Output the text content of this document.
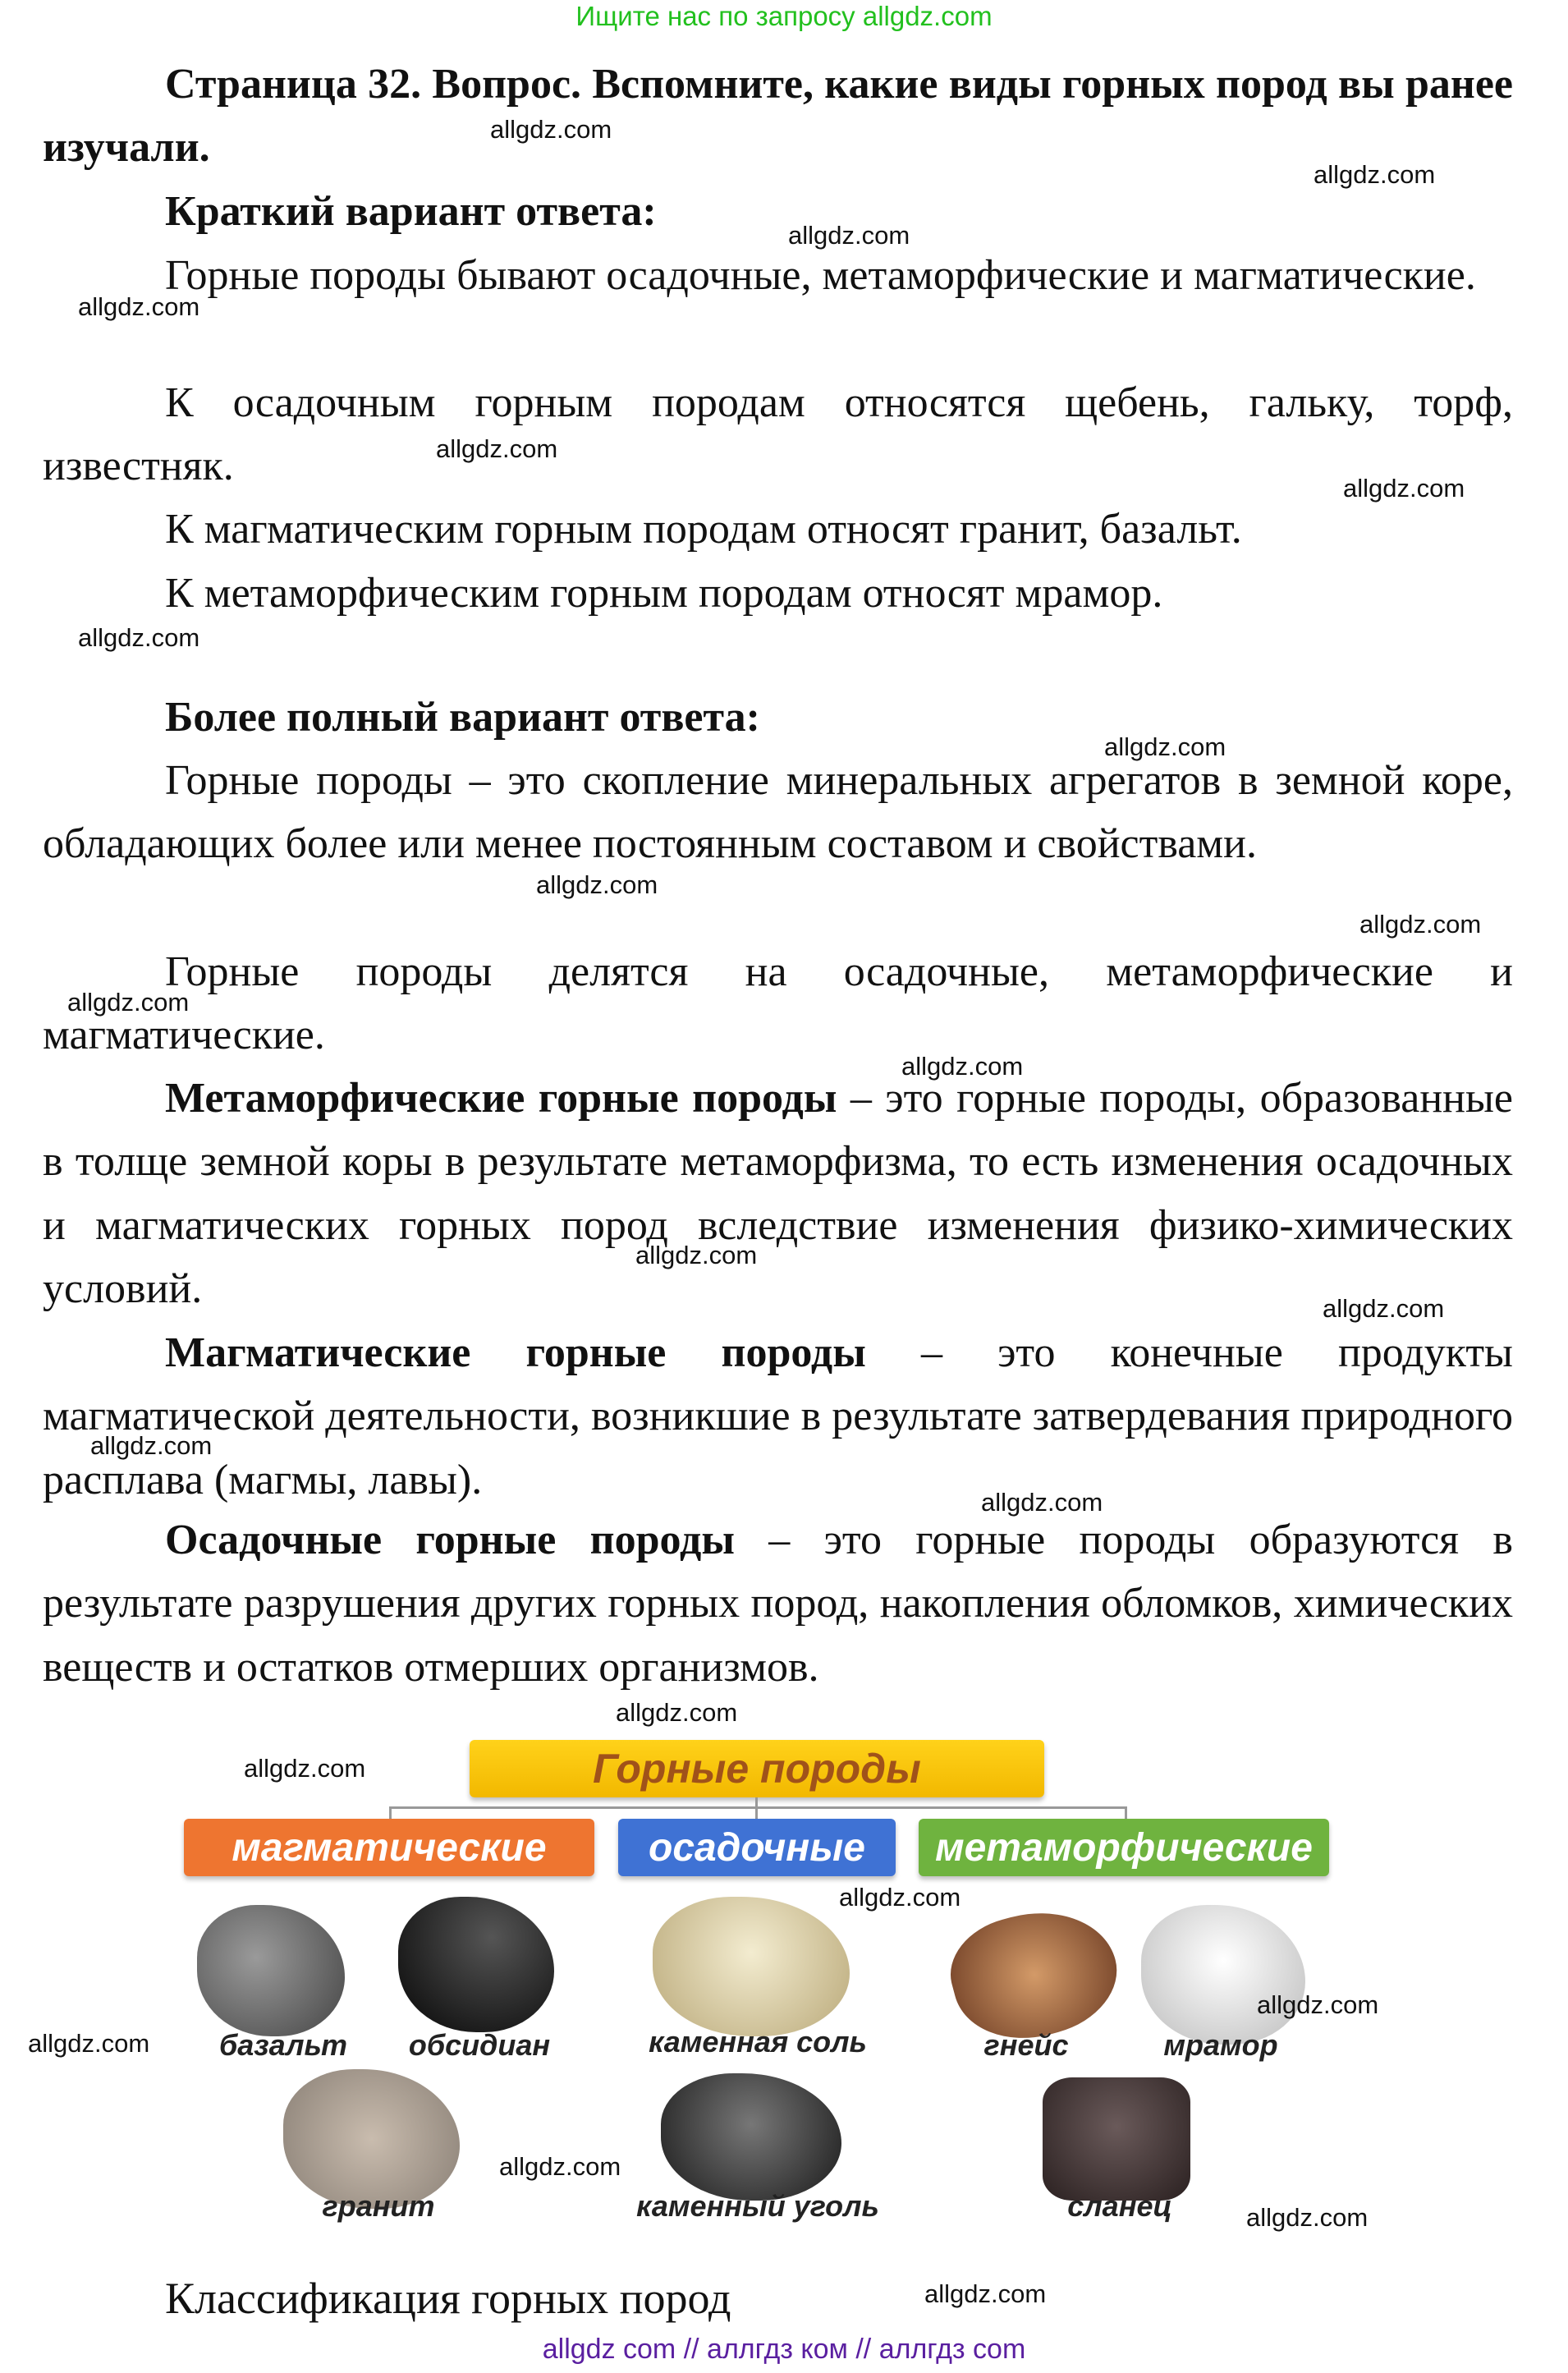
Ищите нас по запросу allgdz.com

Страница 32. Вопрос. Вспомните, какие виды горных пород вы ранее изучали.

Краткий вариант ответа:

Горные породы бывают осадочные, метаморфические и магматические.

К осадочным горным породам относятся щебень, гальку, торф, известняк.

К магматическим горным породам относят гранит, базальт.

К метаморфическим горным породам относят мрамор.

Более полный вариант ответа:

Горные породы – это скопление минеральных агрегатов в земной коре, обладающих более или менее постоянным составом и свойствами.

Горные породы делятся на осадочные, метаморфические и магматические.

Метаморфические горные породы – это горные породы, образованные в толще земной коры в результате метаморфизма, то есть изменения осадочных и магматических горных пород вследствие изменения физико-химических условий.

Магматические горные породы – это конечные продукты магматической деятельности, возникшие в результате затвердевания природного расплава (магмы, лавы).

Осадочные горные породы – это горные породы образуются в результате разрушения других горных пород, накопления обломков, химических веществ и остатков отмерших организмов.

Горные породы
магматические	осадочные	метаморфические
базальт обсидиан	каменная соль	гнейс	мрамор
гранит	каменный уголь	сланец
Классификация горных пород
allgdz.com
allgdz.com
allgdz.com
allgdz.com
allgdz.com
allgdz.com
allgdz.com
allgdz.com
allgdz.com
allgdz.com
allgdz.com
allgdz.com
allgdz.com
allgdz.com
allgdz.com
allgdz.com
allgdz.com
allgdz.com
allgdz.com
allgdz.com
allgdz.com
allgdz.com
allgdz.com
allgdz.com
allgdz com // аллгдз ком // аллгдз com
